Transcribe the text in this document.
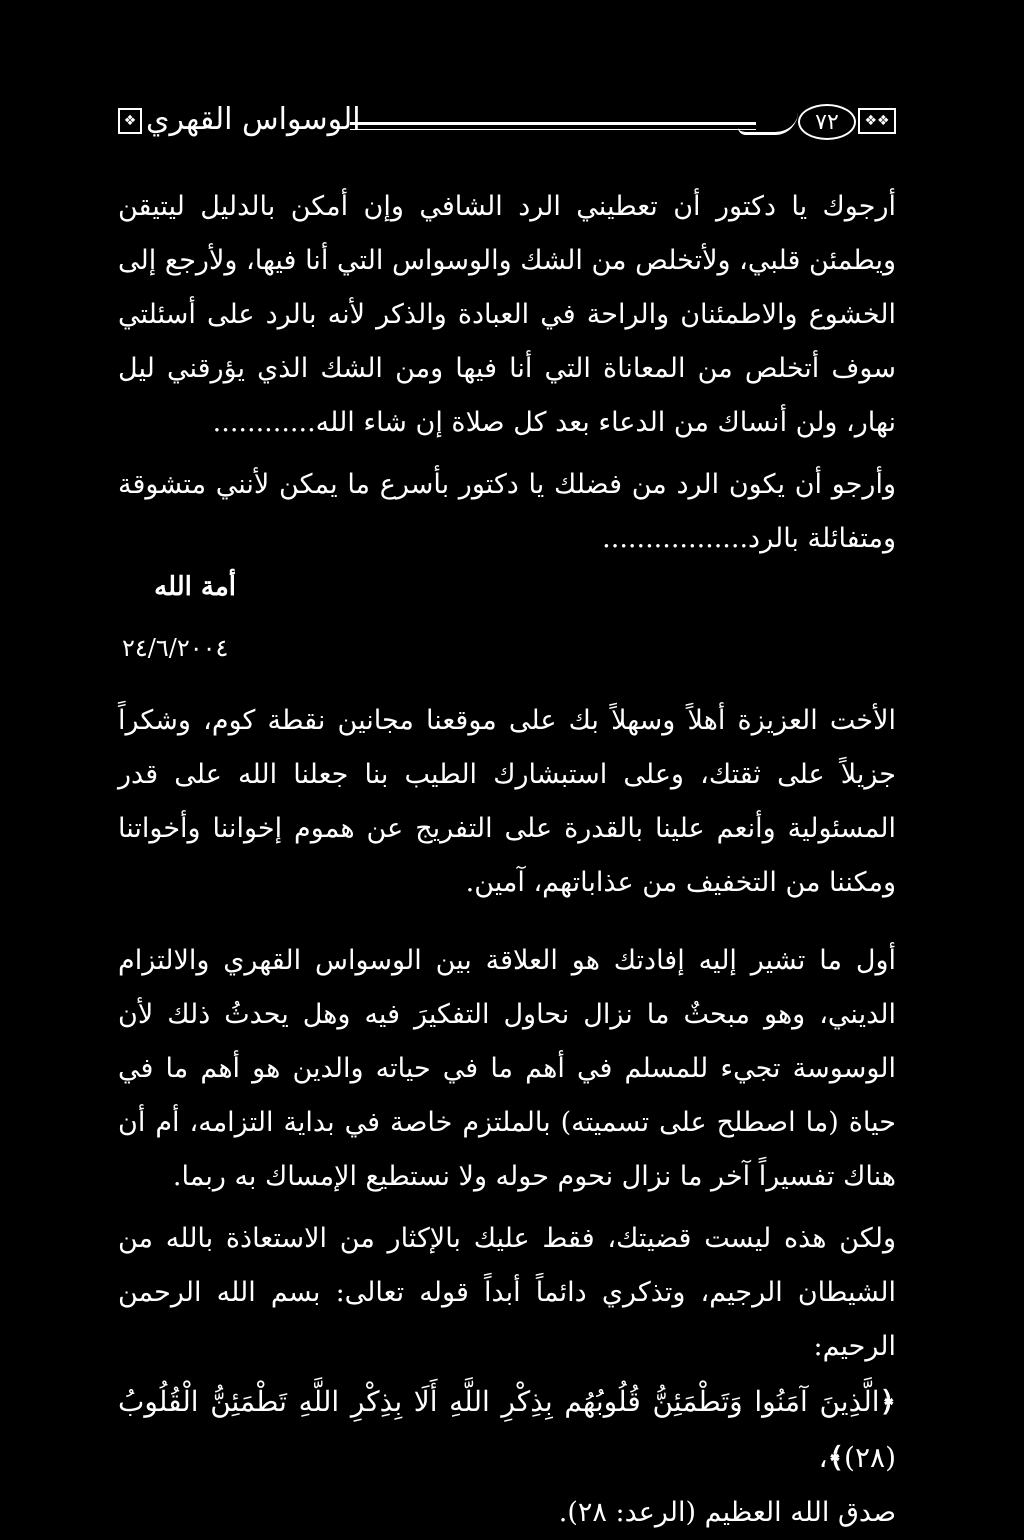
❖ الوسواس القهري	٧٢	❖❖

أرجوك يا دكتور أن تعطيني الرد الشافي وإن أمكن بالدليل ليتيقن ويطمئن قلبي، ولأتخلص من الشك والوسواس التي أنا فيها، ولأرجع إلى الخشوع والاطمئنان والراحة في العبادة والذكر لأنه بالرد على أسئلتي سوف أتخلص من المعاناة التي أنا فيها ومن الشك الذي يؤرقني ليل نهار، ولن أنساك من الدعاء بعد كل صلاة إن شاء الله............

وأرجو أن يكون الرد من فضلك يا دكتور بأسرع ما يمكن لأنني متشوقة ومتفائلة بالرد.................

أمة الله
٢٤/٦/٢٠٠٤

الأخت العزيزة أهلاً وسهلاً بك على موقعنا مجانين نقطة كوم، وشكراً جزيلاً على ثقتك، وعلى استبشارك الطيب بنا جعلنا الله على قدر المسئولية وأنعم علينا بالقدرة على التفريج عن هموم إخواننا وأخواتنا ومكننا من التخفيف من عذاباتهم، آمين.

أول ما تشير إليه إفادتك هو العلاقة بين الوسواس القهري والالتزام الديني، وهو مبحثٌ ما نزال نحاول التفكيرَ فيه وهل يحدثُ ذلك لأن الوسوسة تجيء للمسلم في أهم ما في حياته والدين هو أهم ما في حياة (ما اصطلح على تسميته) بالملتزم خاصة في بداية التزامه، أم أن هناك تفسيراً آخر ما نزال نحوم حوله ولا نستطيع الإمساك به ربما.

ولكن هذه ليست قضيتك، فقط عليك بالإكثار من الاستعاذة بالله من الشيطان الرجيم، وتذكري دائماً أبداً قوله تعالى: بسم الله الرحمن الرحيم:

﴿الَّذِينَ آمَنُوا وَتَطْمَئِنُّ قُلُوبُهُم بِذِكْرِ اللَّهِ أَلَا بِذِكْرِ اللَّهِ تَطْمَئِنُّ الْقُلُوبُ (٢٨)﴾،

صدق الله العظيم (الرعد: ٢٨).
